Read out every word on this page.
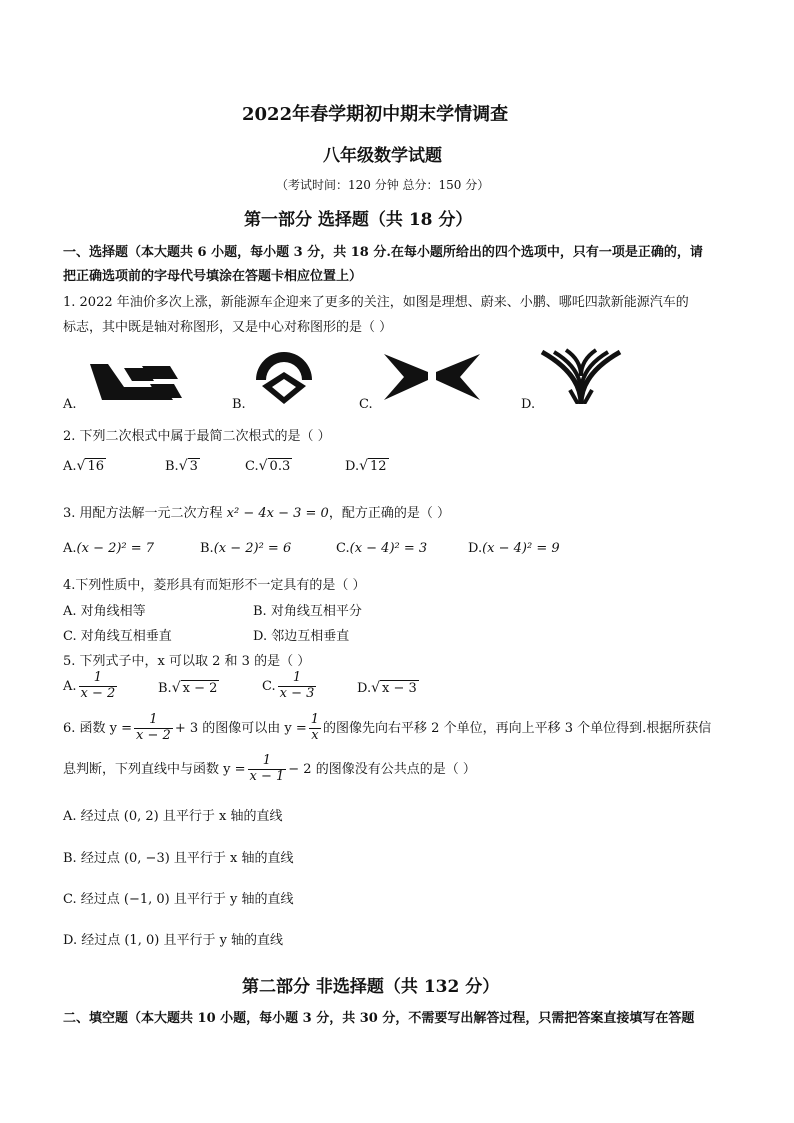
2022年春学期初中期末学情调查
八年级数学试题
（考试时间：120 分钟 总分：150 分）
第一部分 选择题（共 18 分）
一、选择题（本大题共 6 小题，每小题 3 分，共 18 分.在每小题所给出的四个选项中，只有一项是正确的，请
把正确选项前的字母代号填涂在答题卡相应位置上）
1. 2022 年油价多次上涨，新能源车企迎来了更多的关注，如图是理想、蔚来、小鹏、哪吒四款新能源汽车的
标志，其中既是轴对称图形，又是中心对称图形的是（ ）
A.	B.	C.	D.
2. 下列二次根式中属于最简二次根式的是（ ）
A.√ 16	B.√ 3	C.√ 0.3	D.√ 12
3. 用配方法解一元二次方程 x² − 4x − 3 = 0，配方正确的是（ ）
A.(x − 2)² = 7	B.(x − 2)² = 6	C.(x − 4)² = 3	D.(x − 4)² = 9
4.下列性质中，菱形具有而矩形不一定具有的是（ ）
A. 对角线相等	B. 对角线互相平分
C. 对角线互相垂直	D. 邻边互相垂直
5. 下列式子中，x 可以取 2 和 3 的是（ ）
A. $\frac{1}{x - 2}$	B.√ x − 2	C. $\frac{1}{x - 3}$	D.√ x − 3
6. 函数 $y = \frac{1}{x - 2} + 3$ 的图像可以由 $y = \frac{1}{x}$ 的图像先向右平移 2 个单位，再向上平移 3 个单位得到.根据所获信
息判断，下列直线中与函数 $y = \frac{1}{x - 1} - 2$ 的图像没有公共点的是（ ）
A. 经过点 (0, 2) 且平行于 x 轴的直线
B. 经过点 (0, −3) 且平行于 x 轴的直线
C. 经过点 (−1, 0) 且平行于 y 轴的直线
D. 经过点 (1, 0) 且平行于 y 轴的直线
第二部分 非选择题（共 132 分）
二、填空题（本大题共 10 小题，每小题 3 分，共 30 分，不需要写出解答过程，只需把答案直接填写在答题
